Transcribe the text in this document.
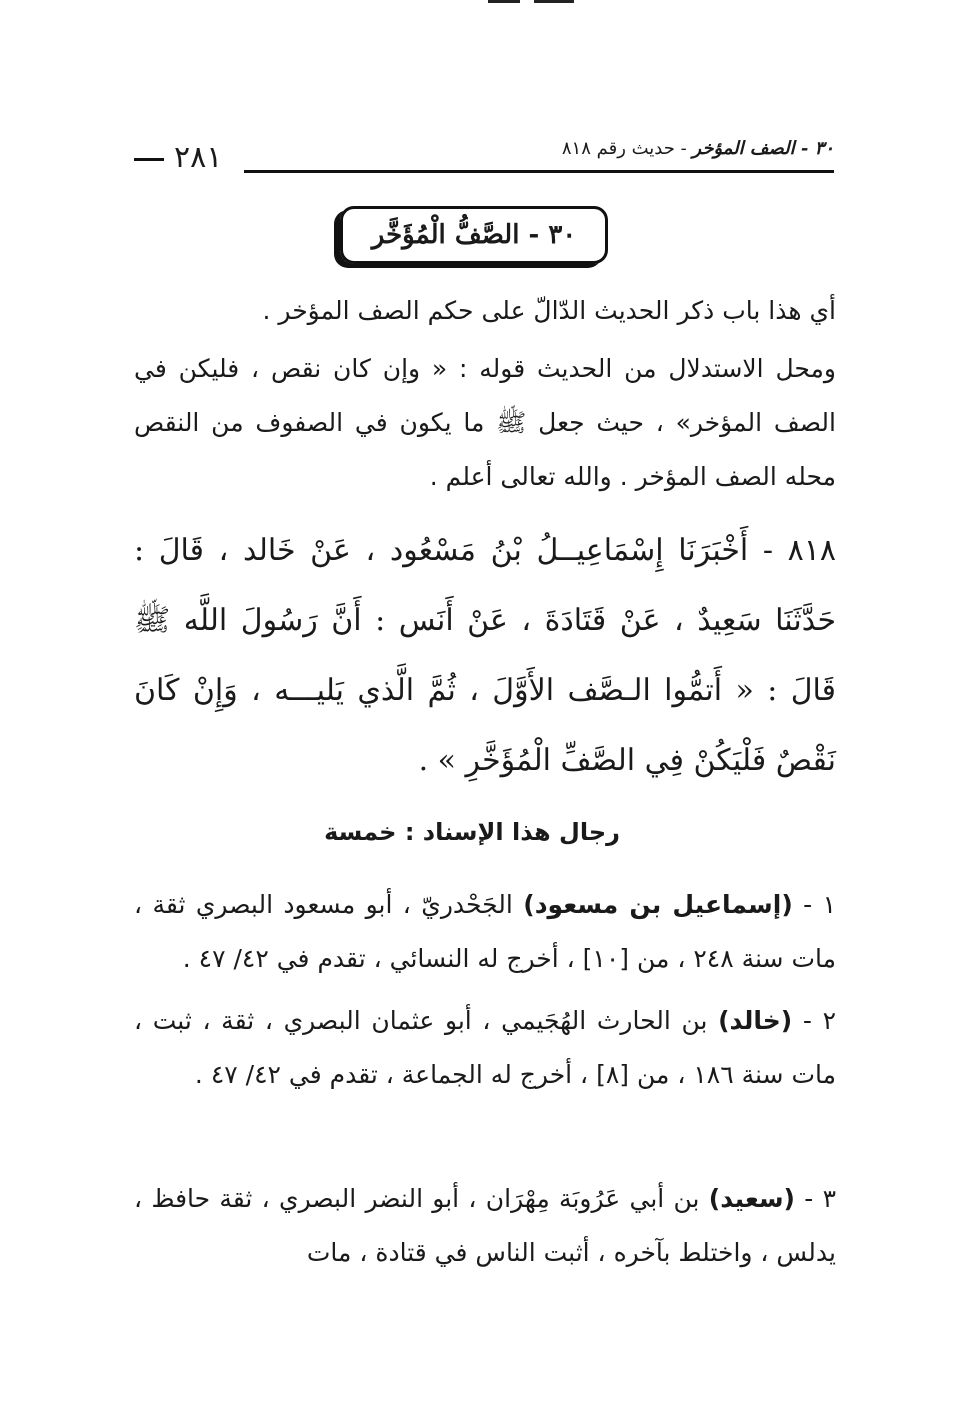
٢٨١	٣٠ - الصف المؤخر - حديث رقم ٨١٨
٣٠ - الصَّفُّ الْمُؤَخَّر
أي هذا باب ذكر الحديث الدّالّ على حكم الصف المؤخر .
ومحل الاستدلال من الحديث قوله : « وإن كان نقص ، فليكن في الصف المؤخر» ، حيث جعل ﷺ ما يكون في الصفوف من النقص محله الصف المؤخر . والله تعالى أعلم .
٨١٨ - أَخْبَرَنَا إِسْمَاعِيــلُ بْنُ مَسْعُود ، عَنْ خَالد ، قَالَ : حَدَّثَنَا سَعِيدٌ ، عَنْ قَتَادَةَ ، عَنْ أَنَس : أَنَّ رَسُولَ اللَّه ﷺ قَالَ : « أَتمُّوا الـصَّف الأَوَّلَ ، ثُمَّ الَّذي يَليـــه ، وَإِنْ كَانَ نَقْصٌ فَلْيَكُنْ فِي الصَّفِّ الْمُؤَخَّرِ » .
رجال هذا الإسناد : خمسة
١ - (إسماعيل بن مسعود) الجَحْدريّ ، أبو مسعود البصري ثقة ، مات سنة ٢٤٨ ، من [١٠] ، أخرج له النسائي ، تقدم في ٤٢/ ٤٧ .
٢ - (خالد) بن الحارث الهُجَيمي ، أبو عثمان البصري ، ثقة ، ثبت ، مات سنة ١٨٦ ، من [٨] ، أخرج له الجماعة ، تقدم في ٤٢/ ٤٧ .
٣ - (سعيد) بن أبي عَرُوبَة مِهْرَان ، أبو النضر البصري ، ثقة حافظ ، يدلس ، واختلط بآخره ، أثبت الناس في قتادة ، مات
